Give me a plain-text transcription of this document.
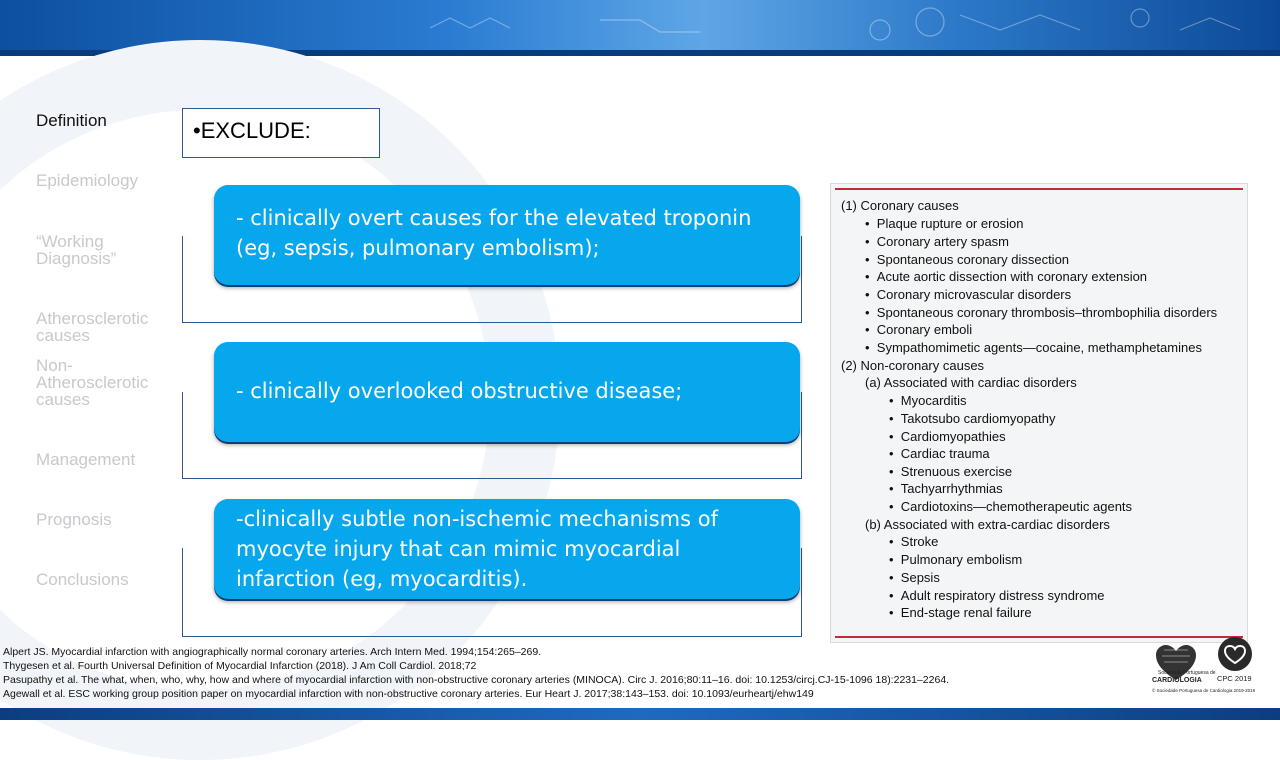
Definition
Epidemiology
“Working
Diagnosis”
Atherosclerotic
causes
Non-
Atherosclerotic
causes
Management
Prognosis
Conclusions
•EXCLUDE:
- clinically overt causes for the elevated troponin
(eg, sepsis, pulmonary embolism);
- clinically overlooked obstructive disease;
-clinically subtle non-ischemic mechanisms of
myocyte injury that can mimic myocardial
infarction (eg, myocarditis).
(1) Coronary causes
• Plaque rupture or erosion
• Coronary artery spasm
• Spontaneous coronary dissection
• Acute aortic dissection with coronary extension
• Coronary microvascular disorders
• Spontaneous coronary thrombosis–thrombophilia disorders
• Coronary emboli
• Sympathomimetic agents—cocaine, methamphetamines
(2) Non-coronary causes
(a) Associated with cardiac disorders
• Myocarditis
• Takotsubo cardiomyopathy
• Cardiomyopathies
• Cardiac trauma
• Strenuous exercise
• Tachyarrhythmias
• Cardiotoxins—chemotherapeutic agents
(b) Associated with extra-cardiac disorders
• Stroke
• Pulmonary embolism
• Sepsis
• Adult respiratory distress syndrome
• End-stage renal failure
Alpert JS. Myocardial infarction with angiographically normal coronary arteries. Arch Intern Med. 1994;154:265–269.
Thygesen et al. Fourth Universal Definition of Myocardial Infarction (2018). J Am Coll Cardiol. 2018;72
Pasupathy et al. The what, when, who, why, how and where of myocardial infarction with non-obstructive coronary arteries (MINOCA). Circ J. 2016;80:11–16. doi: 10.1253/circj.CJ-15-1096 18):2231–2264.
Agewall et al. ESC working group position paper on myocardial infarction with non-obstructive coronary arteries. Eur Heart J. 2017;38:143–153. doi: 10.1093/eurheartj/ehw149
Sociedade Portuguesa de
CARDIOLOGIA CPC 2019
© Sociedade Portuguesa de Cardiologia 2019-2019
